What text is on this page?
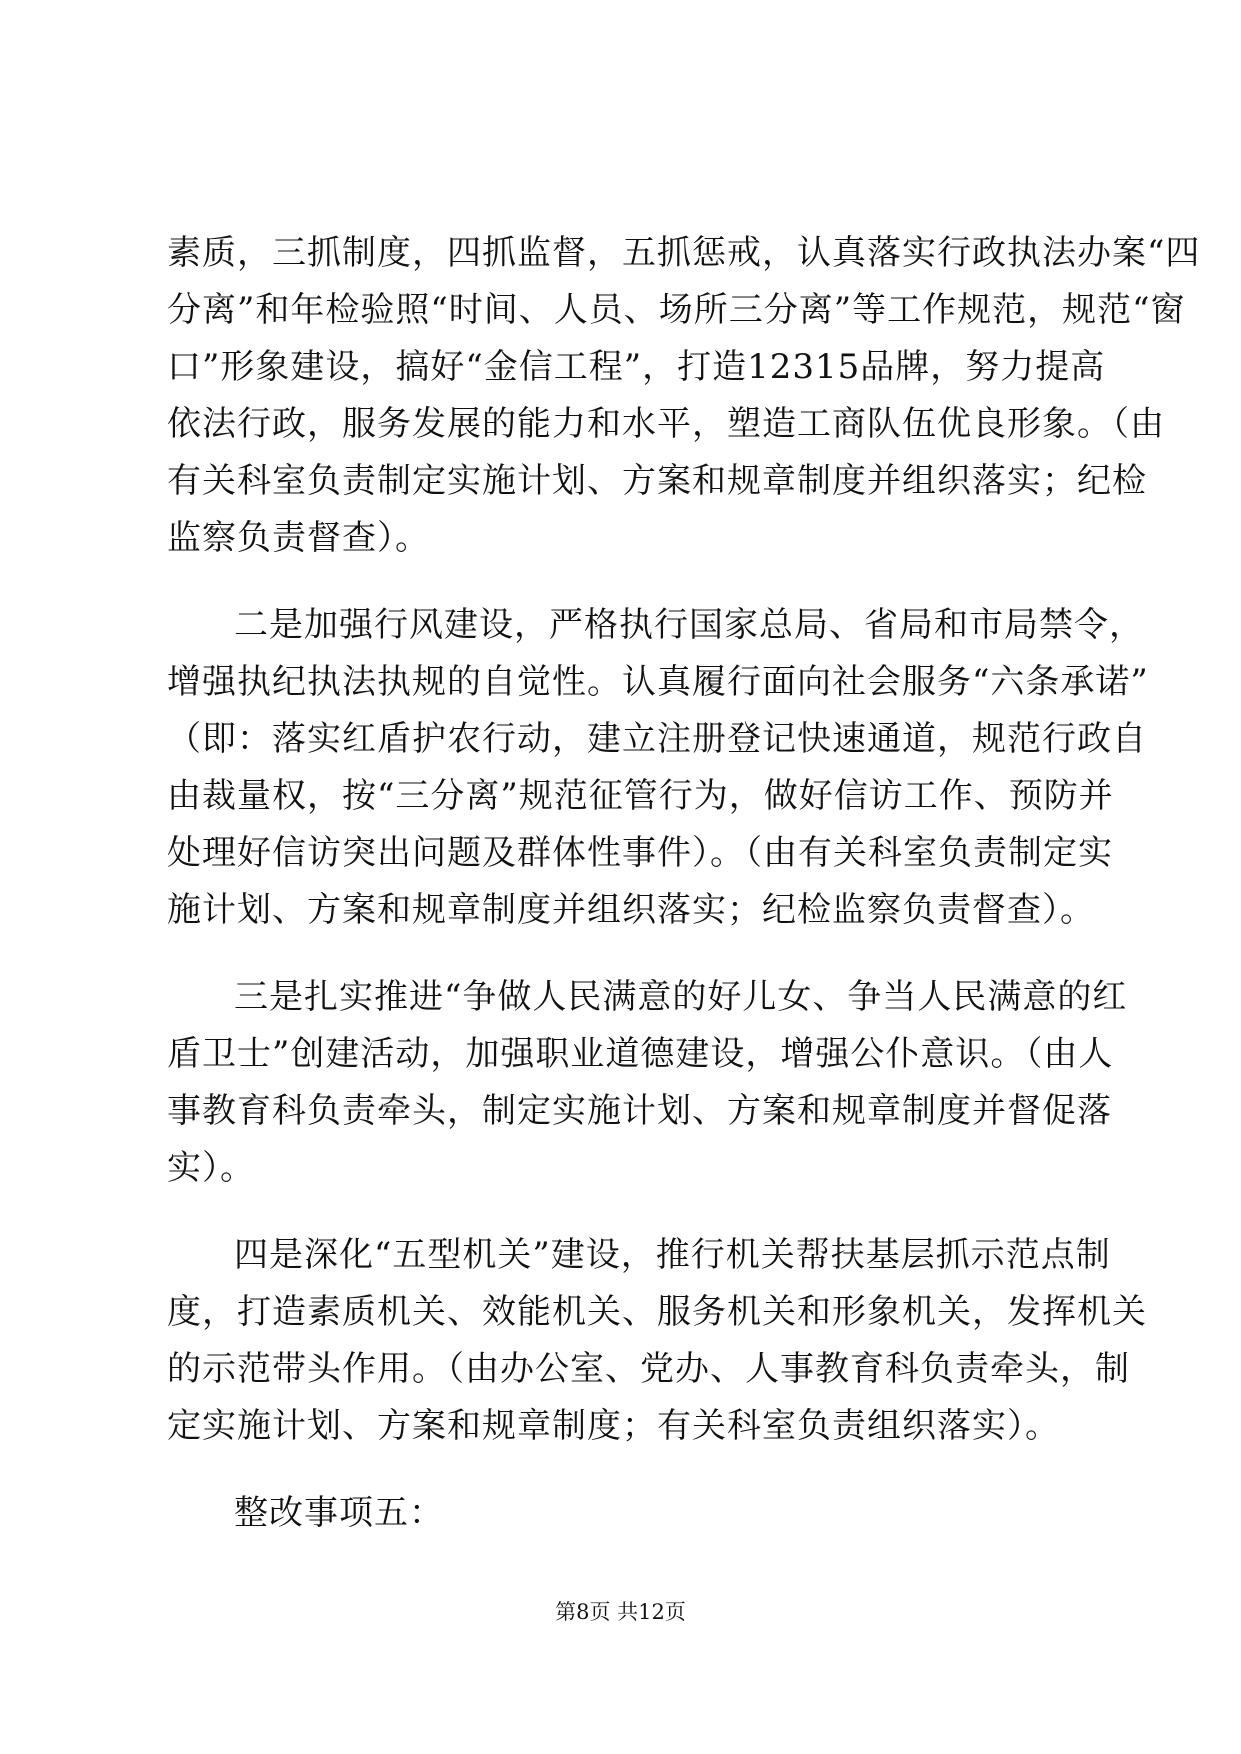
素质，三抓制度，四抓监督，五抓惩戒，认真落实行政执法办案“四
分离”和年检验照“时间、人员、场所三分离”等工作规范，规范“窗
口”形象建设，搞好“金信工程”，打造12315品牌，努力提高
依法行政，服务发展的能力和水平，塑造工商队伍优良形象。（由
有关科室负责制定实施计划、方案和规章制度并组织落实；纪检
监察负责督查）。
二是加强行风建设，严格执行国家总局、省局和市局禁令，
增强执纪执法执规的自觉性。认真履行面向社会服务“六条承诺”
（即：落实红盾护农行动，建立注册登记快速通道，规范行政自
由裁量权，按“三分离”规范征管行为，做好信访工作、预防并
处理好信访突出问题及群体性事件）。（由有关科室负责制定实
施计划、方案和规章制度并组织落实；纪检监察负责督查）。
三是扎实推进“争做人民满意的好儿女、争当人民满意的红
盾卫士”创建活动，加强职业道德建设，增强公仆意识。（由人
事教育科负责牵头，制定实施计划、方案和规章制度并督促落
实）。
四是深化“五型机关”建设，推行机关帮扶基层抓示范点制
度，打造素质机关、效能机关、服务机关和形象机关，发挥机关
的示范带头作用。（由办公室、党办、人事教育科负责牵头，制
定实施计划、方案和规章制度；有关科室负责组织落实）。
整改事项五：
第8页 共12页
